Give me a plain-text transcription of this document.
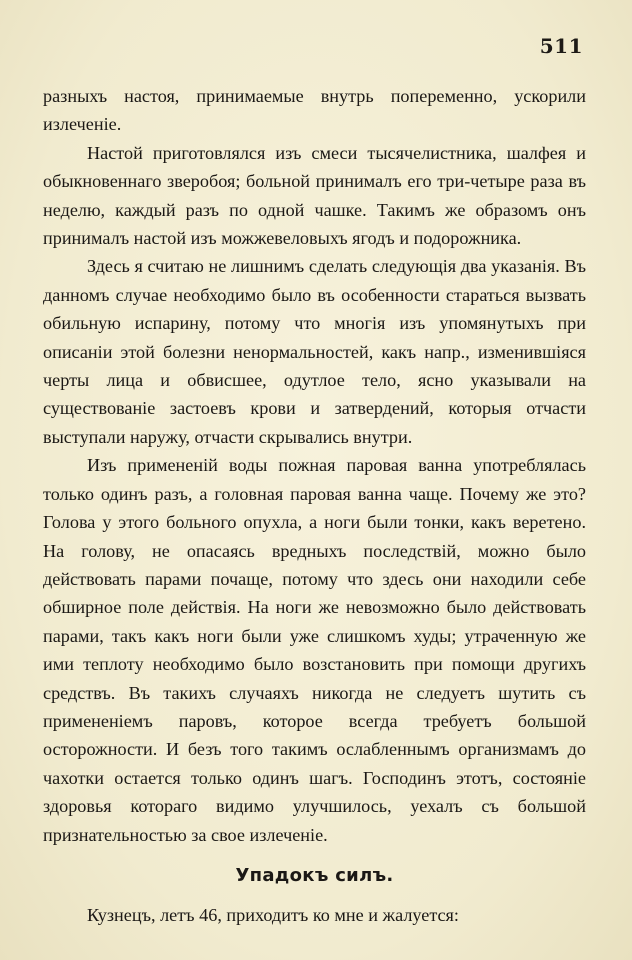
511

разныхъ настоя, принимаемые внутрь попеременно, ускорили излеченiе.

Настой приготовлялся изъ смеси тысячелистника, шалфея и обыкновеннаго зверобоя; больной принималъ его три-четыре раза въ неделю, каждый разъ по одной чашке. Такимъ же образомъ онъ принималъ настой изъ можжевеловыхъ ягодъ и подорожника.

Здесь я считаю не лишнимъ сделать следующiя два указанiя. Въ данномъ случае необходимо было въ особенности стараться вызвать обильную испарину, потому что многiя изъ упомянутыхъ при описанiи этой болезни ненормальностей, какъ напр., изменившiяся черты лица и обвисшее, одутлое тело, ясно указывали на существованiе застоевъ крови и затвердений, которыя отчасти выступали наружу, отчасти скрывались внутри.

Изъ примененiй воды пожная паровая ванна употреблялась только одинъ разъ, а головная паровая ванна чаще. Почему же это? Голова у этого больного опухла, а ноги были тонки, какъ веретено. На голову, не опасаясь вредныхъ последствiй, можно было действовать парами почаще, потому что здесь они находили себе обширное поле действiя. На ноги же невозможно было действовать парами, такъ какъ ноги были уже слишкомъ худы; утраченную же ими теплоту необходимо было возстановить при помощи другихъ средствъ. Въ такихъ случаяхъ никогда не следуетъ шутить съ примененiемъ паровъ, которое всегда требуетъ большой осторожности. И безъ того такимъ ослабленнымъ организмамъ до чахотки остается только одинъ шагъ. Господинъ этотъ, состоянiе здоровья котораго видимо улучшилось, уехалъ съ большой признательностью за свое излеченiе.

Упадокъ силъ.

Кузнецъ, летъ 46, приходитъ ко мне и жалуется:
